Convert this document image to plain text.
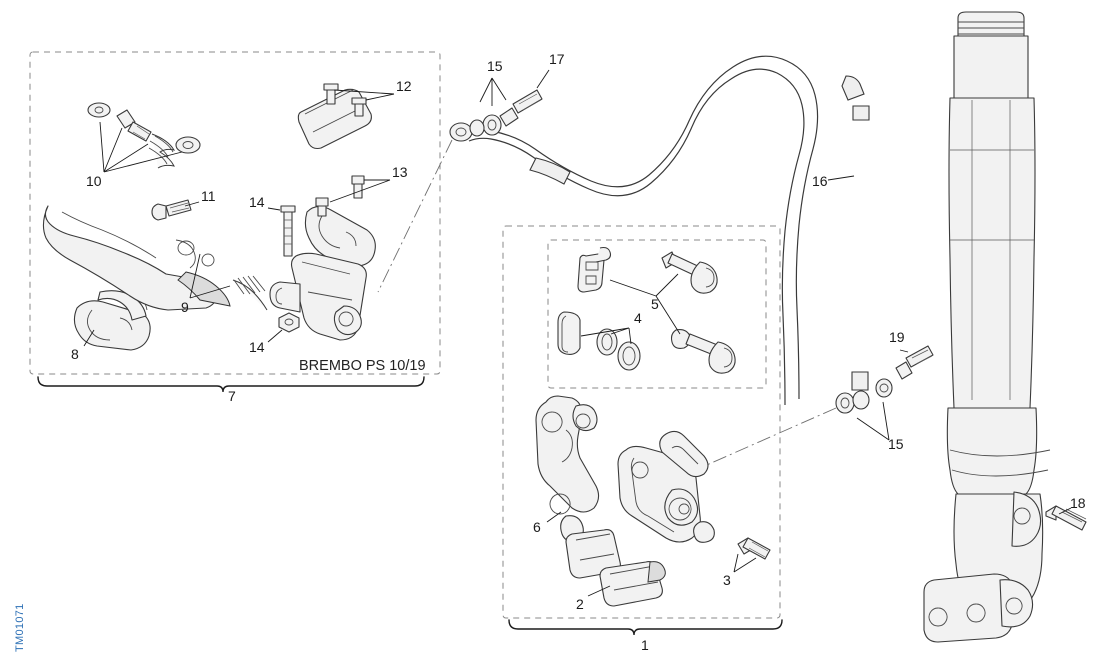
1
2
3
4
5
6
7
8
9
10
11
12
13
14
14
15
15
16
17
18
19
BREMBO PS 10/19
TM01071
